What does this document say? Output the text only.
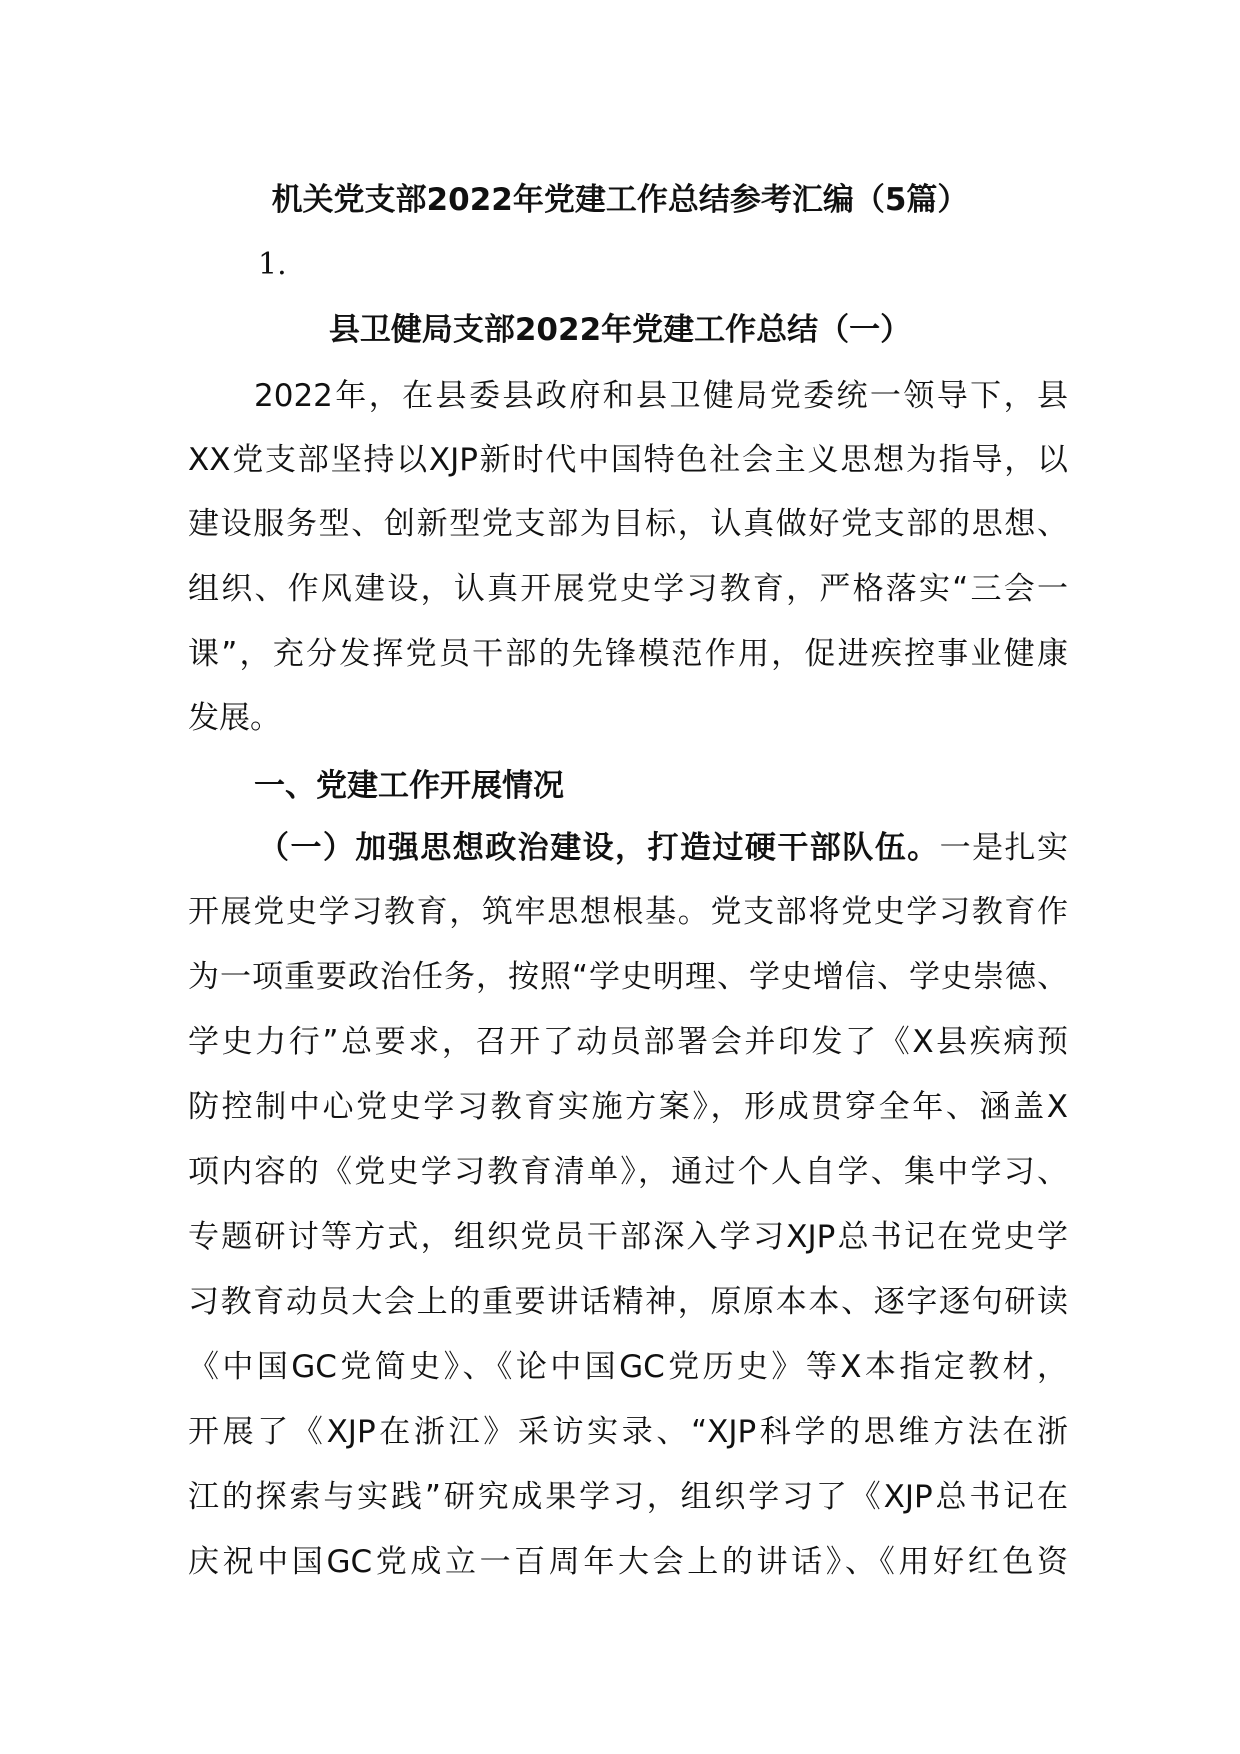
机关党支部2022年党建工作总结参考汇编（5篇）
1.
县卫健局支部2022年党建工作总结（一）
2022年，在县委县政府和县卫健局党委统一领导下，县
XX党支部坚持以XJP新时代中国特色社会主义思想为指导，以
建设服务型、创新型党支部为目标，认真做好党支部的思想、
组织、作风建设，认真开展党史学习教育，严格落实“三会一
课”，充分发挥党员干部的先锋模范作用，促进疾控事业健康
发展。
一、党建工作开展情况
（一）加强思想政治建设，打造过硬干部队伍。一是扎实
开展党史学习教育，筑牢思想根基。党支部将党史学习教育作
为一项重要政治任务，按照“学史明理、学史增信、学史崇德、
学史力行”总要求，召开了动员部署会并印发了《X县疾病预
防控制中心党史学习教育实施方案》，形成贯穿全年、涵盖X
项内容的《党史学习教育清单》，通过个人自学、集中学习、
专题研讨等方式，组织党员干部深入学习XJP总书记在党史学
习教育动员大会上的重要讲话精神，原原本本、逐字逐句研读
《中国GC党简史》、《论中国GC党历史》等X本指定教材，
开展了《XJP在浙江》采访实录、“XJP科学的思维方法在浙
江的探索与实践”研究成果学习，组织学习了《XJP总书记在
庆祝中国GC党成立一百周年大会上的讲话》、《用好红色资
